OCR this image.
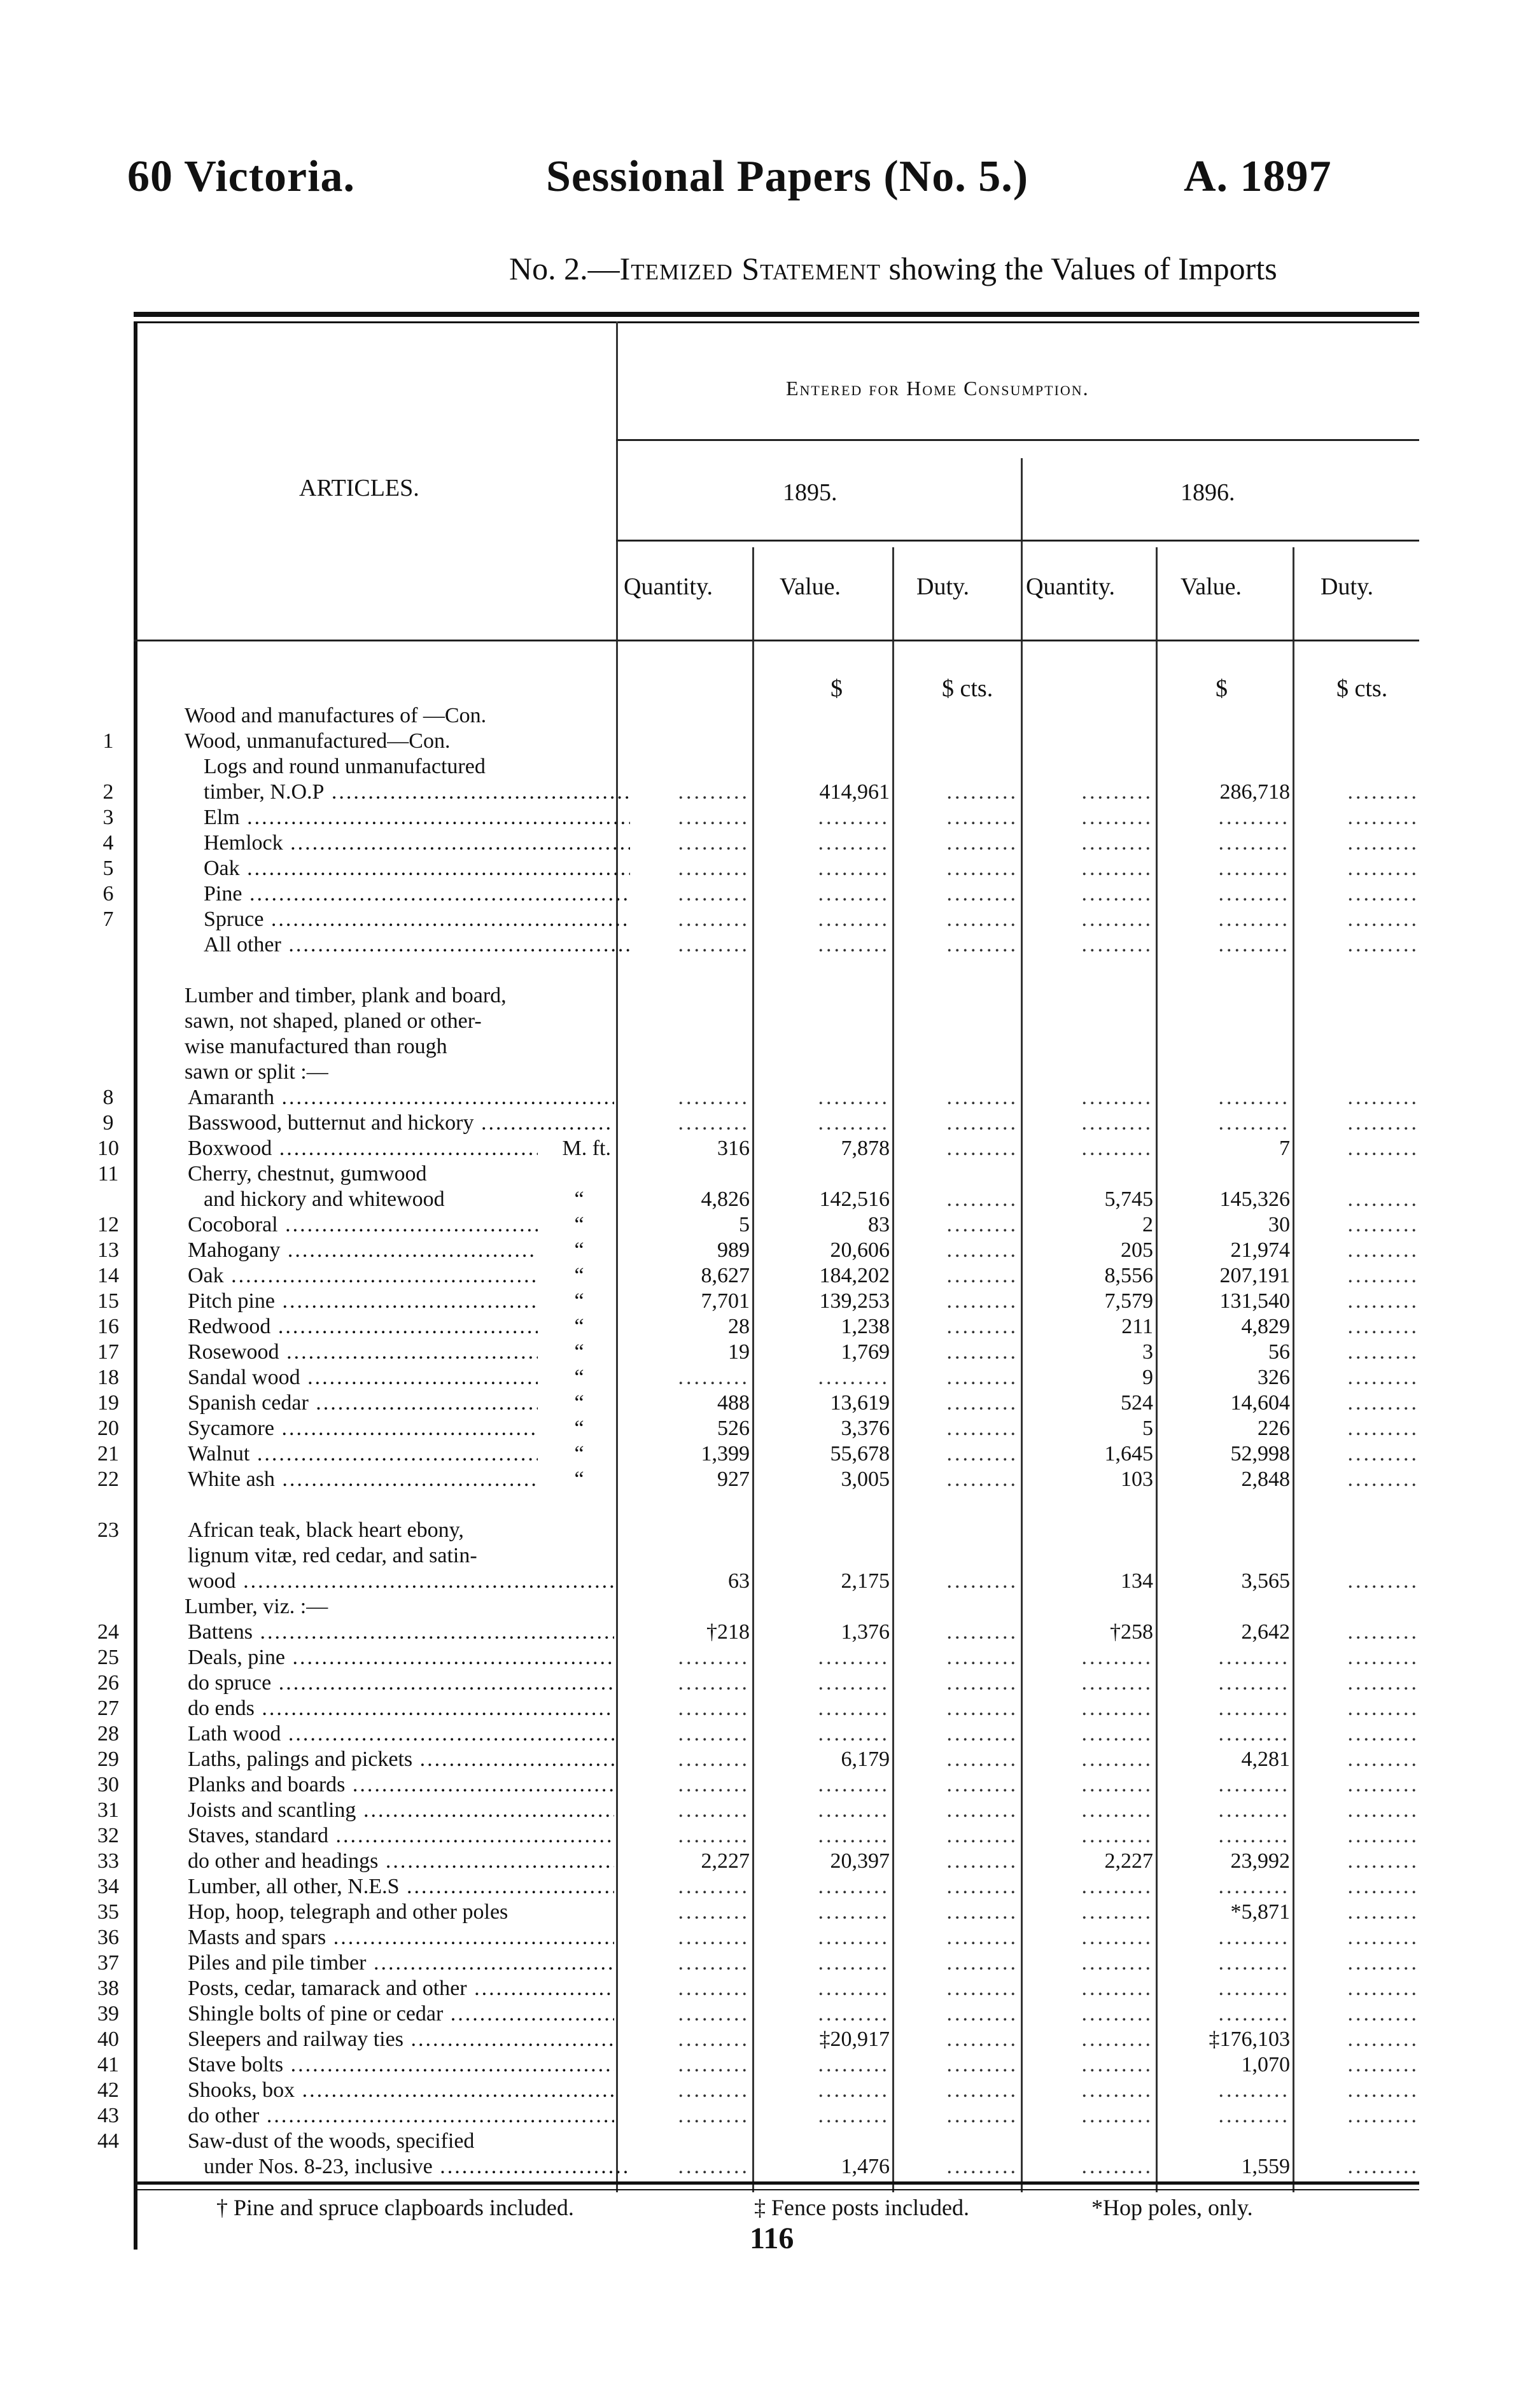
60 Victoria.	Sessional Papers (No. 5.)	A. 1897
No. 2.—Itemized Statement showing the Values of Imports
ARTICLES.
Entered for Home Consumption.
1895.	1896.
Quantity.	Value.	Duty. Quantity.	Value.	Duty.
$	$ cts.	$	$ cts.
Wood and manufactures of —Con.
1	Wood, unmanufactured—Con.
Logs and round unmanufactured
2	timber, N.O.P .....	.........	414,961	.........	.........	286,718	.........
3	Elm .....	.........	.........	.........	.........	.........	.........
4	Hemlock .....	.........	.........	.........	.........	.........	.........
5	Oak .....	.........	.........	.........	.........	.........	.........
6	Pine .....	.........	.........	.........	.........	.........	.........
7	Spruce .....	.........	.........	.........	.........	.........	.........
All other .....	.........	.........	.........	.........	.........	.........
Lumber and timber, plank and board,
sawn, not shaped, planed or other-
wise manufactured than rough
sawn or split :—
8	Amaranth .....	.........	.........	.........	.........	.........	.........
9	Basswood, butternut and hickory .....	.........	.........	.........	.........	.........	.........
10	Boxwood .....	M. ft.	316	7,878	.........	.........	7	.........
11	Cherry, chestnut, gumwood
and hickory and whitewood	“	4,826	142,516	.........	5,745	145,326	.........
12	Cocoboral .....	“	5	83	.........	2	30	.........
13	Mahogany .....	“	989	20,606	.........	205	21,974	.........
14	Oak .....	“	8,627	184,202	.........	8,556	207,191	.........
15	Pitch pine .....	“	7,701	139,253	.........	7,579	131,540	.........
16	Redwood .....	“	28	1,238	.........	211	4,829	.........
17	Rosewood .....	“	19	1,769	.........	3	56	.........
18	Sandal wood .....	“	.........	.........	.........	9	326	.........
19	Spanish cedar .....	“	488	13,619	.........	524	14,604	.........
20	Sycamore .....	“	526	3,376	.........	5	226	.........
21	Walnut .....	“	1,399	55,678	.........	1,645	52,998	.........
22	White ash .....	“	927	3,005	.........	103	2,848	.........
23	African teak, black heart ebony,
lignum vitæ, red cedar, and satin-
wood .....	63	2,175	.........	134	3,565	.........
Lumber, viz. :—
24	Battens .....	†218	1,376	.........	†258	2,642	.........
25	Deals, pine .....	.........	.........	.........	.........	.........	.........
26	do spruce .....	.........	.........	.........	.........	.........	.........
27	do ends .....	.........	.........	.........	.........	.........	.........
28	Lath wood .....	.........	.........	.........	.........	.........	.........
29	Laths, palings and pickets .....	.........	6,179	.........	.........	4,281	.........
30	Planks and boards .....	.........	.........	.........	.........	.........	.........
31	Joists and scantling .....	.........	.........	.........	.........	.........	.........
32	Staves, standard .....	.........	.........	.........	.........	.........	.........
33	do other and headings .....	2,227	20,397	.........	2,227	23,992	.........
34	Lumber, all other, N.E.S .....	.........	.........	.........	.........	.........	.........
35	Hop, hoop, telegraph and other poles	.........	.........	.........	.........	*5,871	.........
36	Masts and spars .....	.........	.........	.........	.........	.........	.........
37	Piles and pile timber .....	.........	.........	.........	.........	.........	.........
38	Posts, cedar, tamarack and other .....	.........	.........	.........	.........	.........	.........
39	Shingle bolts of pine or cedar .....	.........	.........	.........	.........	.........	.........
40	Sleepers and railway ties .....	.........	‡20,917	.........	.........	‡176,103	.........
41	Stave bolts .....	.........	.........	.........	.........	1,070	.........
42	Shooks, box .....	.........	.........	.........	.........	.........	.........
43	do other .....	.........	.........	.........	.........	.........	.........
44	Saw-dust of the woods, specified
under Nos. 8-23, inclusive .....	.........	1,476	.........	.........	1,559	.........
† Pine and spruce clapboards included.	‡ Fence posts included.	*Hop poles, only.
116
